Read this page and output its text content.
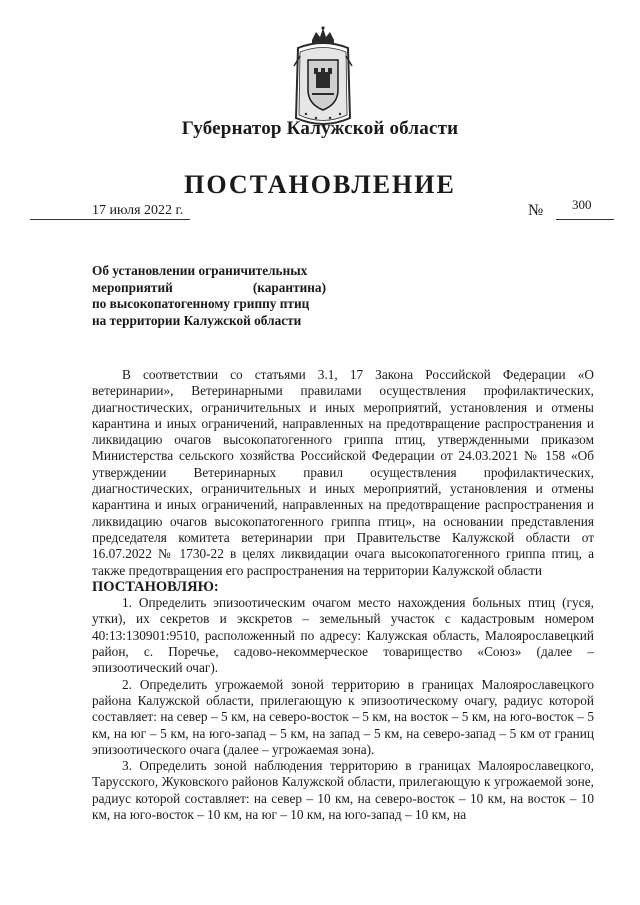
Губернатор Калужской области
ПОСТАНОВЛЕНИЕ
17 июля 2022 г.	№ 300
Об установлении ограничительных
мероприятий (карантина)
по высокопатогенному гриппу птиц
на территории Калужской области

В соответствии со статьями 3.1, 17 Закона Российской Федерации «О ветеринарии», Ветеринарными правилами осуществления профилактических, диагностических, ограничительных и иных мероприятий, установления и отмены карантина и иных ограничений, направленных на предотвращение распространения и ликвидацию очагов высокопатогенного гриппа птиц, утвержденными приказом Министерства сельского хозяйства Российской Федерации от 24.03.2021 № 158 «Об утверждении Ветеринарных правил осуществления профилактических, диагностических, ограничительных и иных мероприятий, установления и отмены карантина и иных ограничений, направленных на предотвращение распространения и ликвидацию очагов высокопатогенного гриппа птиц», на основании представления председателя комитета ветеринарии при Правительстве Калужской области от 16.07.2022 № 1730-22 в целях ликвидации очага высокопатогенного гриппа птиц, а также предотвращения его распространения на территории Калужской области

ПОСТАНОВЛЯЮ:

1. Определить эпизоотическим очагом место нахождения больных птиц (гуся, утки), их секретов и экскретов – земельный участок с кадастровым номером 40:13:130901:9510, расположенный по адресу: Калужская область, Малоярославецкий район, с. Поречье, садово-некоммерческое товарищество «Союз» (далее – эпизоотический очаг).

2. Определить угрожаемой зоной территорию в границах Малоярославецкого района Калужской области, прилегающую к эпизоотическому очагу, радиус которой составляет: на север – 5 км, на северо-восток – 5 км, на восток – 5 км, на юго-восток – 5 км, на юг – 5 км, на юго-запад – 5 км, на запад – 5 км, на северо-запад – 5 км от границ эпизоотического очага (далее – угрожаемая зона).

3. Определить зоной наблюдения территорию в границах Малоярославецкого, Тарусского, Жуковского районов Калужской области, прилегающую к угрожаемой зоне, радиус которой составляет: на север – 10 км, на северо-восток – 10 км, на восток – 10 км, на юго-восток – 10 км, на юг – 10 км, на юго-запад – 10 км, на
